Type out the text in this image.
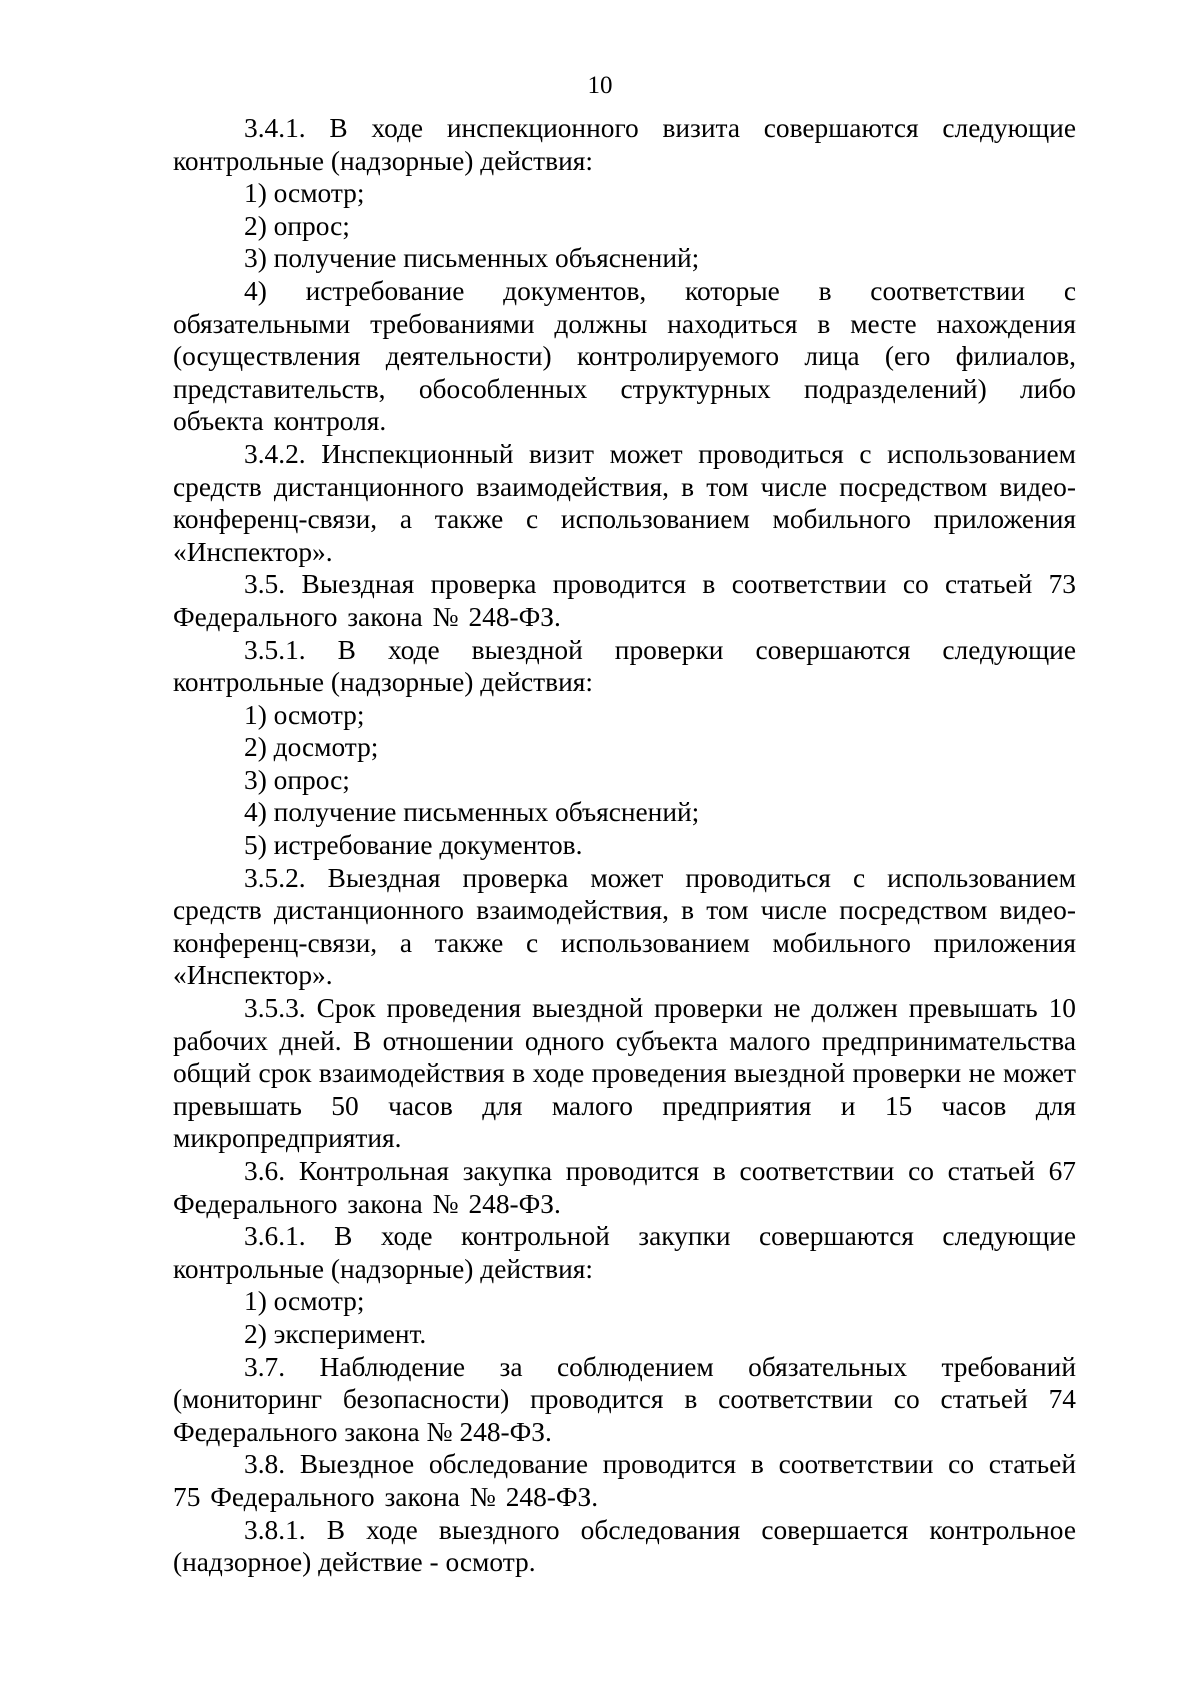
10

3.4.1. В ходе инспекционного визита совершаются следующие контрольные (надзорные) действия:

1) осмотр;

2) опрос;

3) получение письменных объяснений;

4) истребование документов, которые в соответствии с обязательными требованиями должны находиться в месте нахождения (осуществления деятельности) контролируемого лица (его филиалов, представительств, обособленных структурных подразделений) либо объекта контроля.

3.4.2. Инспекционный визит может проводиться с использованием средств дистанционного взаимодействия, в том числе посредством видео-конференц-связи, а также с использованием мобильного приложения «Инспектор».

3.5. Выездная проверка проводится в соответствии со статьей 73 Федерального закона № 248-ФЗ.

3.5.1. В ходе выездной проверки совершаются следующие контрольные (надзорные) действия:

1) осмотр;

2) досмотр;

3) опрос;

4) получение письменных объяснений;

5) истребование документов.

3.5.2. Выездная проверка может проводиться с использованием средств дистанционного взаимодействия, в том числе посредством видео-конференц-связи, а также с использованием мобильного приложения «Инспектор».

3.5.3. Срок проведения выездной проверки не должен превышать 10 рабочих дней. В отношении одного субъекта малого предпринимательства общий срок взаимодействия в ходе проведения выездной проверки не может превышать 50 часов для малого предприятия и 15 часов для микропредприятия.

3.6. Контрольная закупка проводится в соответствии со статьей 67 Федерального закона № 248-ФЗ.

3.6.1. В ходе контрольной закупки совершаются следующие контрольные (надзорные) действия:

1) осмотр;

2) эксперимент.

3.7. Наблюдение за соблюдением обязательных требований (мониторинг безопасности) проводится в соответствии со статьей 74 Федерального закона № 248-ФЗ.

3.8. Выездное обследование проводится в соответствии со статьей 75 Федерального закона № 248-ФЗ.

3.8.1. В ходе выездного обследования совершается контрольное (надзорное) действие - осмотр.
